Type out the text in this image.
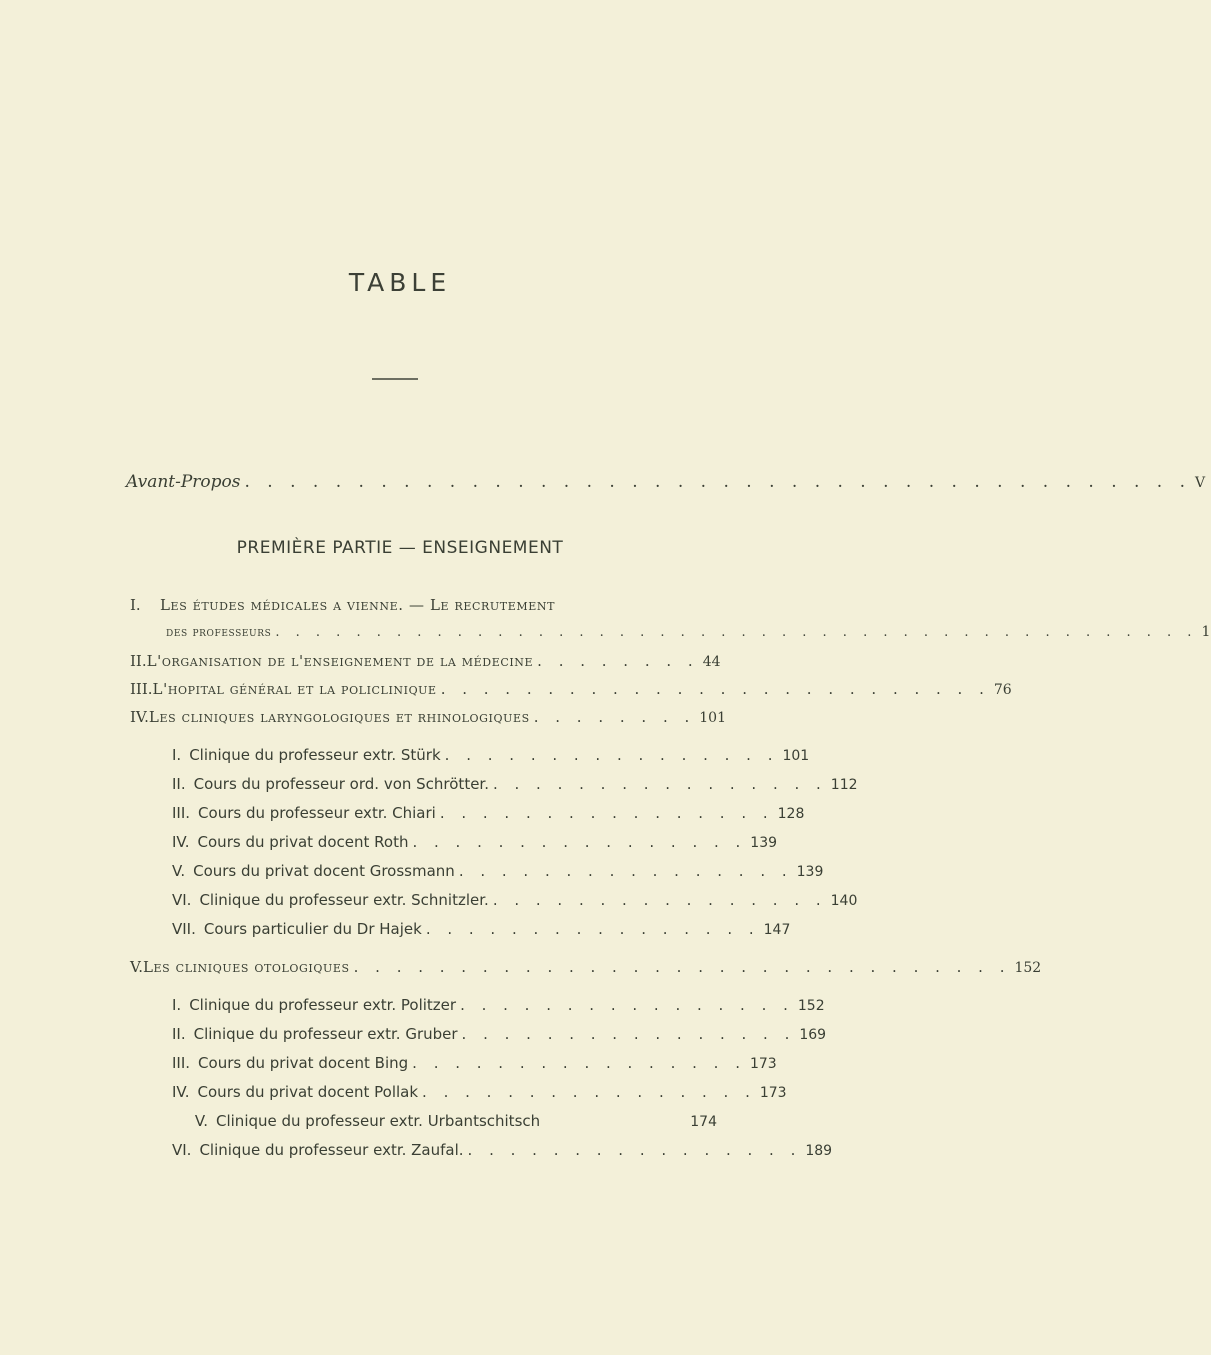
TABLE
Avant-Propos . . . . . . . . . . . . . . . . . . . . . . . . . . . . . . . . . . . . . . . . . . V
PREMIÈRE PARTIE — ENSEIGNEMENT
I.	Les études médicales a vienne. — Le recrutement
des professeurs . . . . . . . . . . . . . . . . . . . . . . . . . . . . . . . . . . . . . . . . . . . . . . 1
II. L'organisation de l'enseignement de la médecine . . . . . . . . 44
III. L'hopital général et la policlinique . . . . . . . . . . . . . . . . . . . . . . . . . . 76
IV. Les cliniques laryngologiques et rhinologiques . . . . . . . . 101
I. Clinique du professeur extr. Stürk . . . . . . . . . . . . . . . . 101
II. Cours du professeur ord. von Schrötter. . . . . . . . . . . . . . . . . 112
III. Cours du professeur extr. Chiari . . . . . . . . . . . . . . . . 128
IV. Cours du privat docent Roth . . . . . . . . . . . . . . . . 139
V. Cours du privat docent Grossmann . . . . . . . . . . . . . . . . 139
VI. Clinique du professeur extr. Schnitzler. . . . . . . . . . . . . . . . . 140
VII. Cours particulier du Dr Hajek . . . . . . . . . . . . . . . . 147
V. Les cliniques otologiques . . . . . . . . . . . . . . . . . . . . . . . . . . . . . . . 152
I. Clinique du professeur extr. Politzer . . . . . . . . . . . . . . . . 152
II. Clinique du professeur extr. Gruber . . . . . . . . . . . . . . . . 169
III. Cours du privat docent Bing . . . . . . . . . . . . . . . . 173
IV. Cours du privat docent Pollak . . . . . . . . . . . . . . . . 173
V. Clinique du professeur extr. Urbantschitsch	174
VI. Clinique du professeur extr. Zaufal. . . . . . . . . . . . . . . . . 189
